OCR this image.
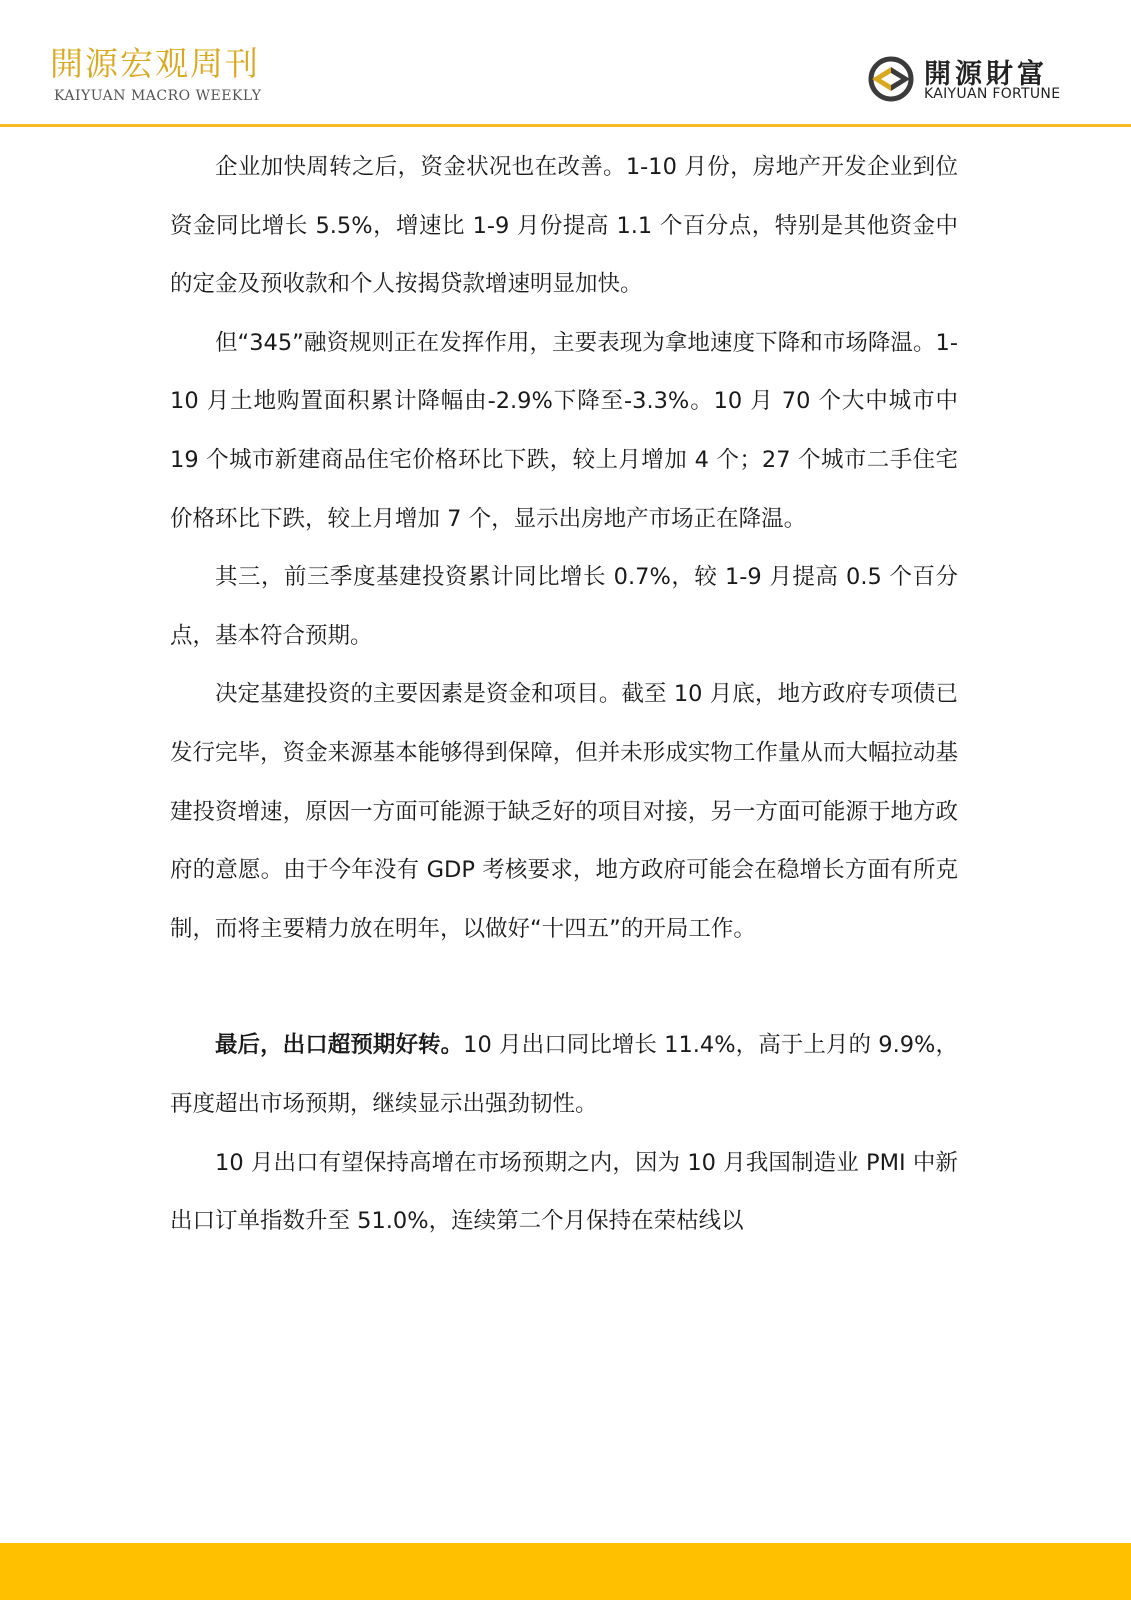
開源宏观周刊
KAIYUAN MACRO WEEKLY
開源財富
KAIYUAN FORTUNE

企业加快周转之后，资金状况也在改善。1-10 月份，房地产开发企业到位资金同比增长 5.5%，增速比 1-9 月份提高 1.1 个百分点，特别是其他资金中的定金及预收款和个人按揭贷款增速明显加快。

但“345”融资规则正在发挥作用，主要表现为拿地速度下降和市场降温。1-10 月土地购置面积累计降幅由-2.9%下降至-3.3%。10 月 70 个大中城市中 19 个城市新建商品住宅价格环比下跌，较上月增加 4 个；27 个城市二手住宅价格环比下跌，较上月增加 7 个，显示出房地产市场正在降温。

其三，前三季度基建投资累计同比增长 0.7%，较 1-9 月提高 0.5 个百分点，基本符合预期。

决定基建投资的主要因素是资金和项目。截至 10 月底，地方政府专项债已发行完毕，资金来源基本能够得到保障，但并未形成实物工作量从而大幅拉动基建投资增速，原因一方面可能源于缺乏好的项目对接，另一方面可能源于地方政府的意愿。由于今年没有 GDP 考核要求，地方政府可能会在稳增长方面有所克制，而将主要精力放在明年，以做好“十四五”的开局工作。

最后，出口超预期好转。10 月出口同比增长 11.4%，高于上月的 9.9%，再度超出市场预期，继续显示出强劲韧性。

10 月出口有望保持高增在市场预期之内，因为 10 月我国制造业 PMI 中新出口订单指数升至 51.0%，连续第二个月保持在荣枯线以
